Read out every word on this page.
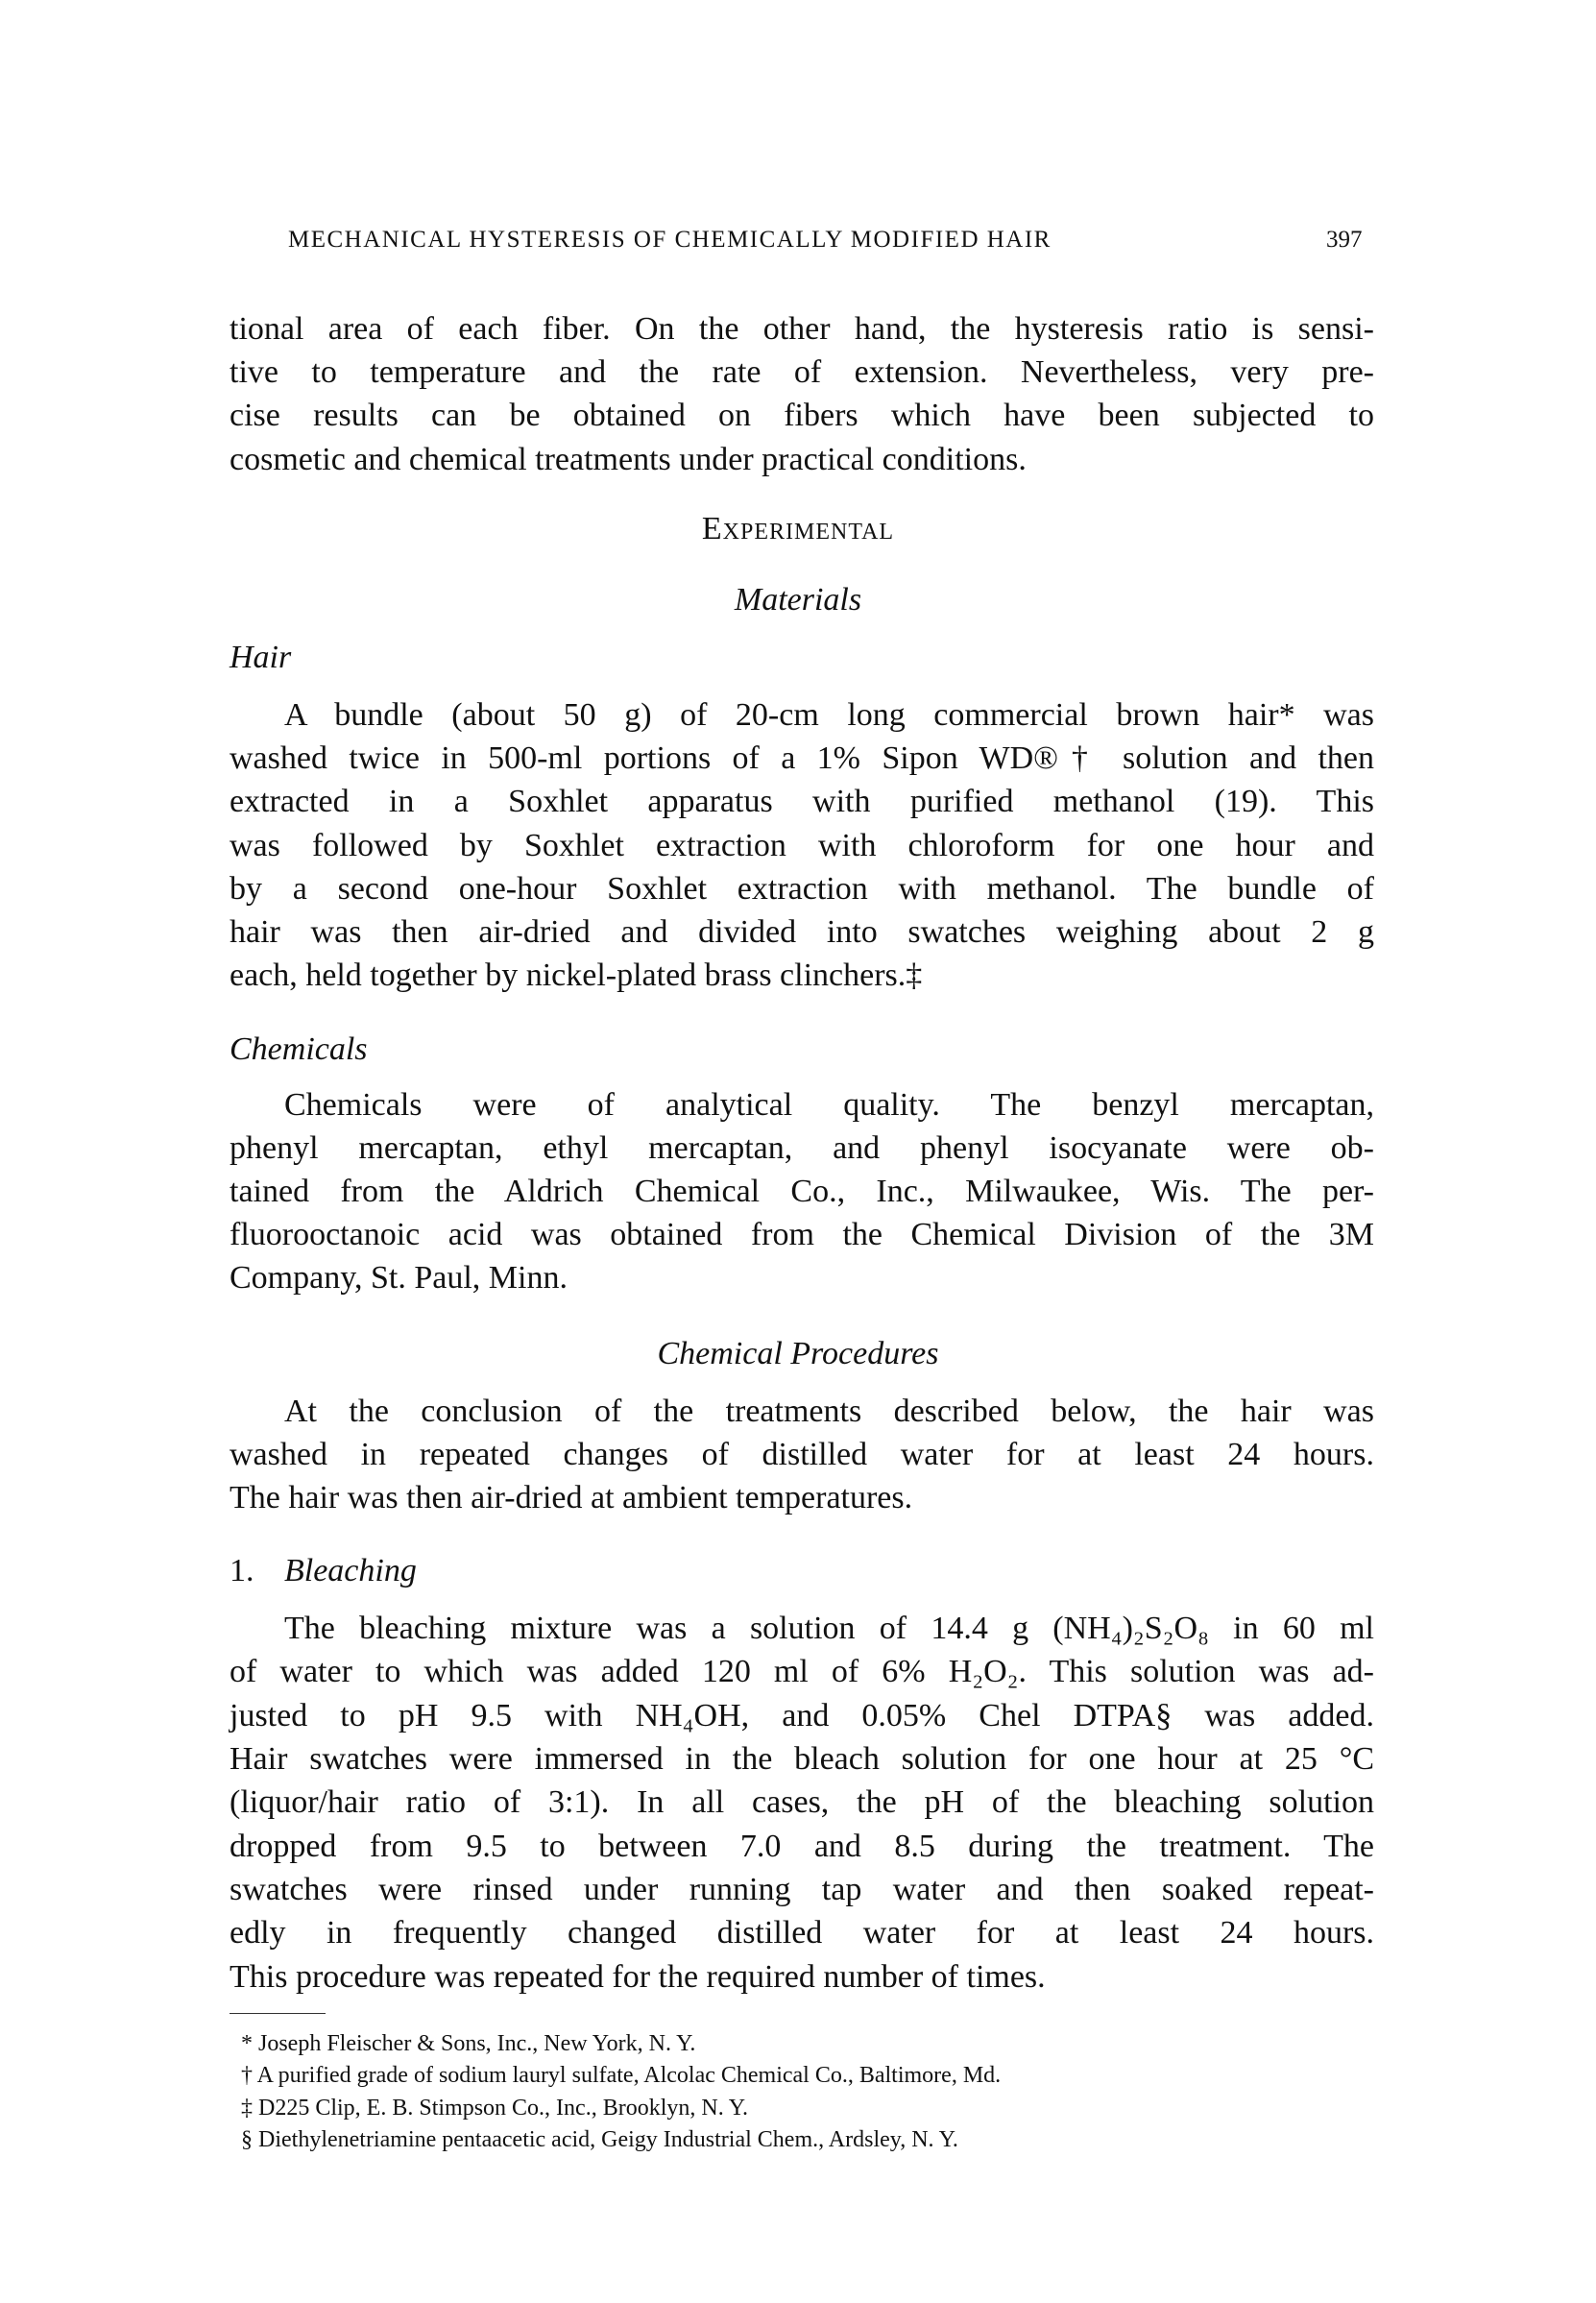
MECHANICAL HYSTERESIS OF CHEMICALLY MODIFIED HAIR	397
tional area of each fiber. On the other hand, the hysteresis ratio is sensi-
tive to temperature and the rate of extension. Nevertheless, very pre-
cise results can be obtained on fibers which have been subjected to
cosmetic and chemical treatments under practical conditions.
Experimental
Materials
Hair
A bundle (about 50 g) of 20-cm long commercial brown hair* was
washed twice in 500-ml portions of a 1% Sipon WD®† solution and then
extracted in a Soxhlet apparatus with purified methanol (19). This
was followed by Soxhlet extraction with chloroform for one hour and
by a second one-hour Soxhlet extraction with methanol. The bundle of
hair was then air-dried and divided into swatches weighing about 2 g
each, held together by nickel-plated brass clinchers.‡
Chemicals
Chemicals were of analytical quality. The benzyl mercaptan,
phenyl mercaptan, ethyl mercaptan, and phenyl isocyanate were ob-
tained from the Aldrich Chemical Co., Inc., Milwaukee, Wis. The per-
fluorooctanoic acid was obtained from the Chemical Division of the 3M
Company, St. Paul, Minn.
Chemical Procedures
At the conclusion of the treatments described below, the hair was
washed in repeated changes of distilled water for at least 24 hours.
The hair was then air-dried at ambient temperatures.
1. Bleaching
The bleaching mixture was a solution of 14.4 g (NH₄)₂S₂O₈ in 60 ml
of water to which was added 120 ml of 6% H₂O₂. This solution was ad-
justed to pH 9.5 with NH₄OH, and 0.05% Chel DTPA§ was added.
Hair swatches were immersed in the bleach solution for one hour at 25 °C
(liquor/hair ratio of 3:1). In all cases, the pH of the bleaching solution
dropped from 9.5 to between 7.0 and 8.5 during the treatment. The
swatches were rinsed under running tap water and then soaked repeat-
edly in frequently changed distilled water for at least 24 hours.
This procedure was repeated for the required number of times.
* Joseph Fleischer & Sons, Inc., New York, N. Y.
† A purified grade of sodium lauryl sulfate, Alcolac Chemical Co., Baltimore, Md.
‡ D225 Clip, E. B. Stimpson Co., Inc., Brooklyn, N. Y.
§ Diethylenetriamine pentaacetic acid, Geigy Industrial Chem., Ardsley, N. Y.
